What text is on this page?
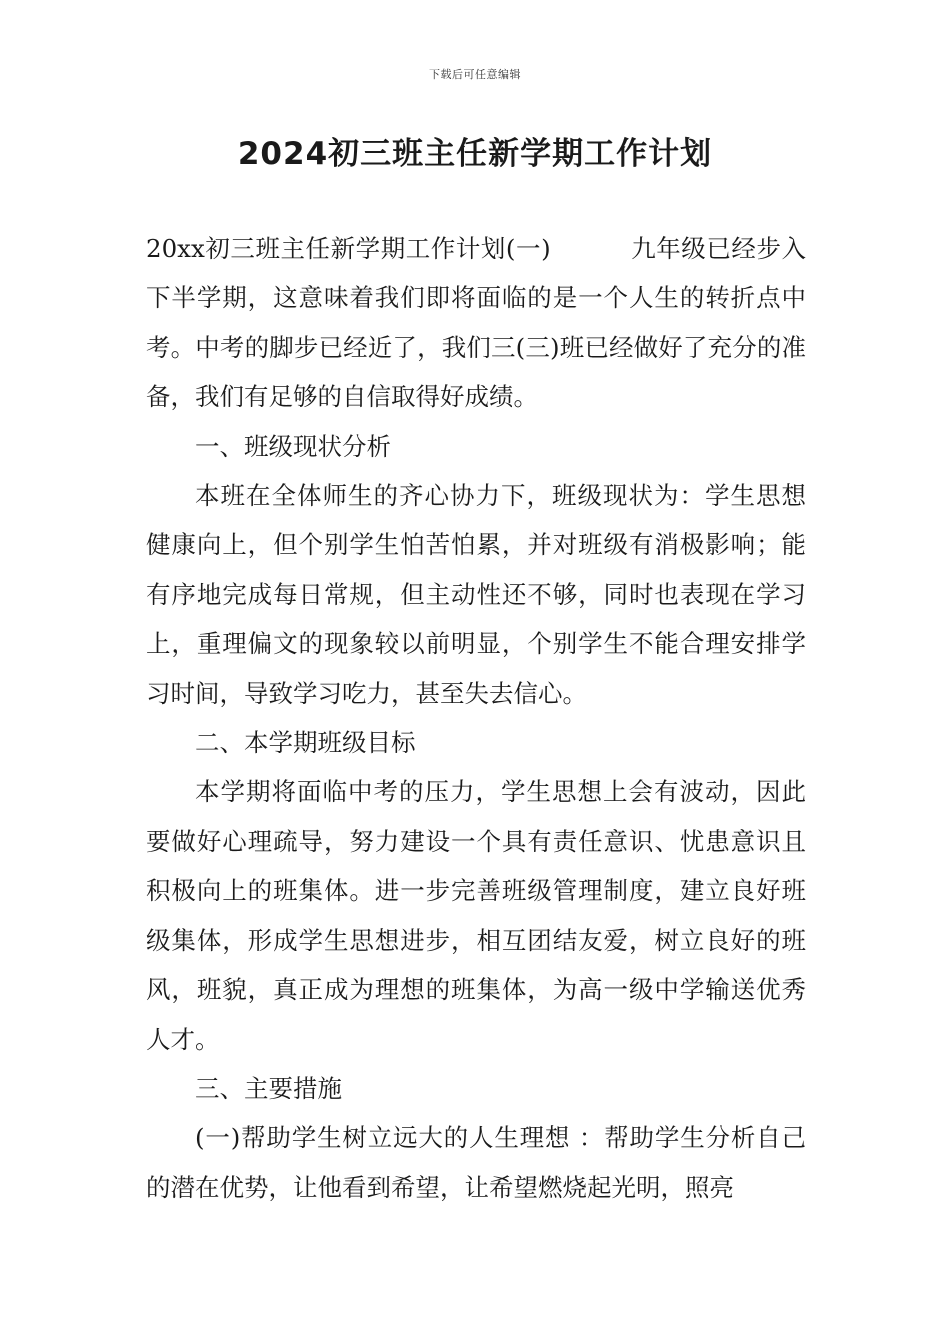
下载后可任意编辑
2024初三班主任新学期工作计划

20xx初三班主任新学期工作计划(一)	九年级已经步入下半学期，这意味着我们即将面临的是一个人生的转折点中考。中考的脚步已经近了，我们三(三)班已经做好了充分的准备，我们有足够的自信取得好成绩。

一、班级现状分析

本班在全体师生的齐心协力下，班级现状为：学生思想健康向上，但个别学生怕苦怕累，并对班级有消极影响；能有序地完成每日常规，但主动性还不够，同时也表现在学习上，重理偏文的现象较以前明显，个别学生不能合理安排学习时间，导致学习吃力，甚至失去信心。

二、本学期班级目标

本学期将面临中考的压力，学生思想上会有波动，因此要做好心理疏导，努力建设一个具有责任意识、忧患意识且积极向上的班集体。进一步完善班级管理制度，建立良好班级集体，形成学生思想进步，相互团结友爱，树立良好的班风，班貌，真正成为理想的班集体，为高一级中学输送优秀人才。

三、主要措施

(一)帮助学生树立远大的人生理想 ：帮助学生分析自己的潜在优势，让他看到希望，让希望燃烧起光明，照亮
